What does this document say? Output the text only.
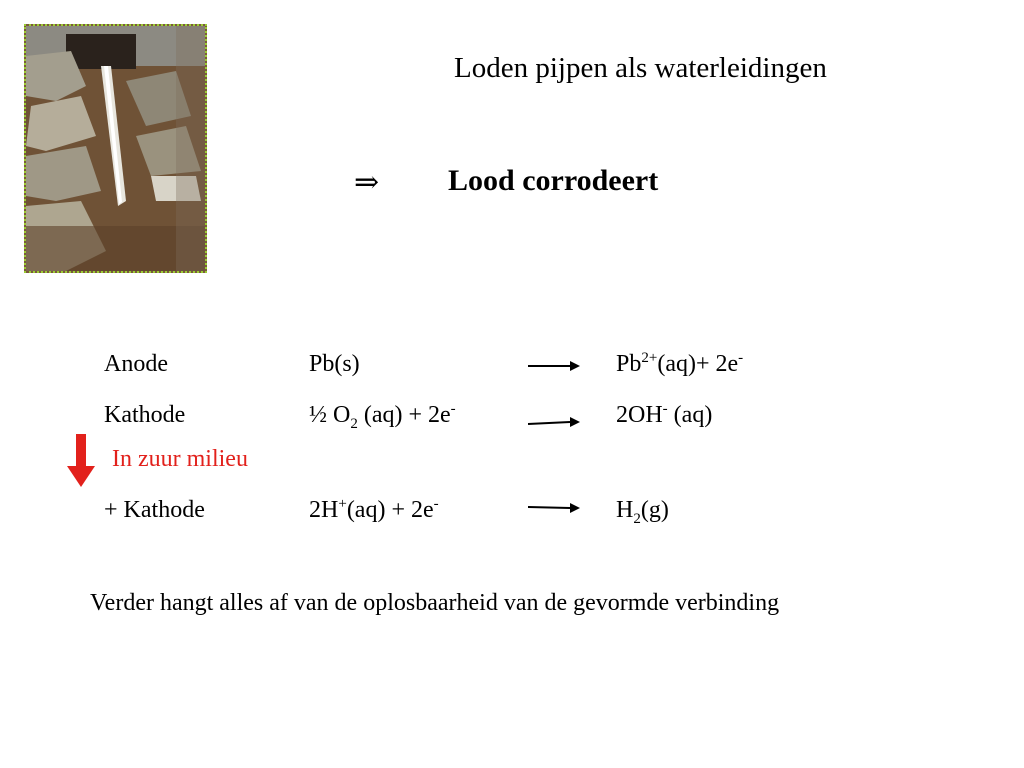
Loden pijpen als waterleidingen
⇒ Lood corrodeert
Anode	Pb(s)	$Pb^{2+}(aq)+ 2e^-$
Kathode	½ $O_2$ (aq) + 2e-	2OH- (aq)
In zuur milieu
+ Kathode	2H+(aq) + 2e-	$H_2(g)$
Verder hangt alles af van de oplosbaarheid van de gevormde verbinding
